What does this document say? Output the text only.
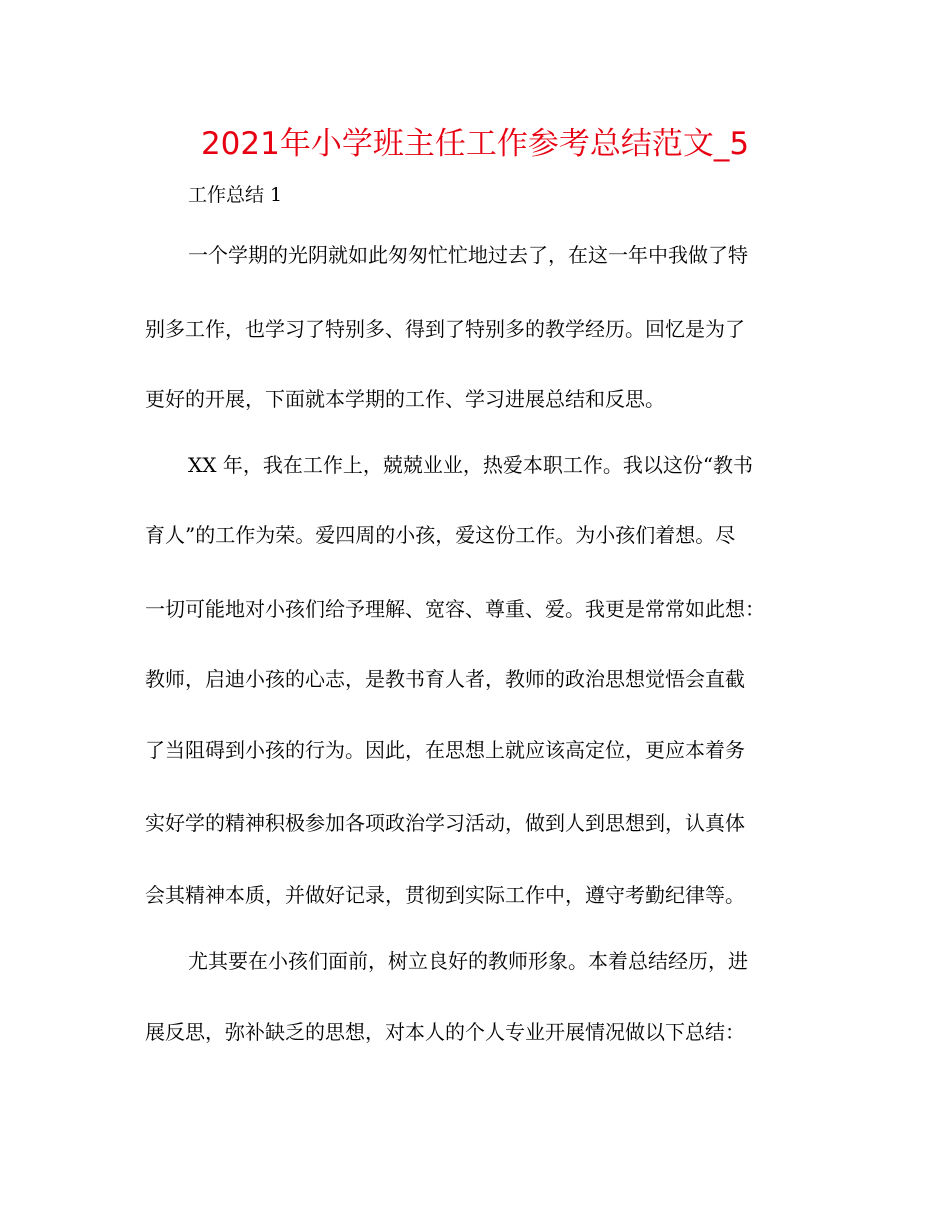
2021年小学班主任工作参考总结范文_5
工作总结 1
一个学期的光阴就如此匆匆忙忙地过去了，在这一年中我做了特
别多工作，也学习了特别多、得到了特别多的教学经历。回忆是为了
更好的开展，下面就本学期的工作、学习进展总结和反思。
XX 年，我在工作上，兢兢业业，热爱本职工作。我以这份“教书
育人”的工作为荣。爱四周的小孩，爱这份工作。为小孩们着想。尽
一切可能地对小孩们给予理解、宽容、尊重、爱。我更是常常如此想：
教师，启迪小孩的心志，是教书育人者，教师的政治思想觉悟会直截
了当阻碍到小孩的行为。因此，在思想上就应该高定位，更应本着务
实好学的精神积极参加各项政治学习活动，做到人到思想到，认真体
会其精神本质，并做好记录，贯彻到实际工作中，遵守考勤纪律等。
尤其要在小孩们面前，树立良好的教师形象。本着总结经历，进
展反思，弥补缺乏的思想，对本人的个人专业开展情况做以下总结：
